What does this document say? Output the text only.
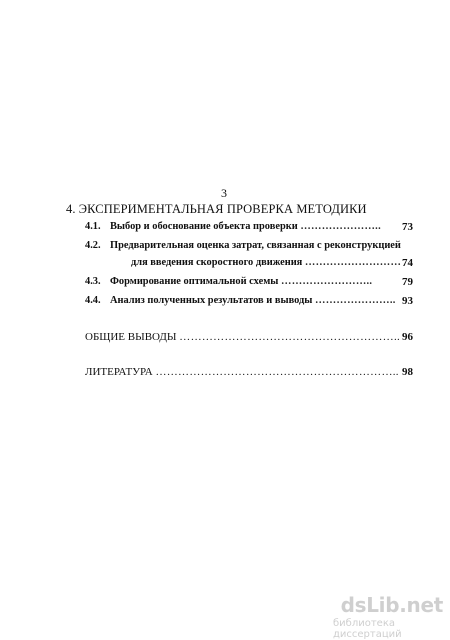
3
4. ЭКСПЕРИМЕНТАЛЬНАЯ ПРОВЕРКА МЕТОДИКИ
4.1. Выбор и обоснование объекта проверки ………………….. 73
4.2. Предварительная оценка затрат, связанная с реконструкцией
для введения скоростного движения ……………………… 74
4.3. Формирование оптимальной схемы ……………………..	79
4.4. Анализ полученных результатов и выводы ………………….. 93
ОБЩИЕ ВЫВОДЫ ………………………………………………….. 96
ЛИТЕРАТУРА ……………………………………………………….. 98
dsLib.net
библиотека диссертаций
